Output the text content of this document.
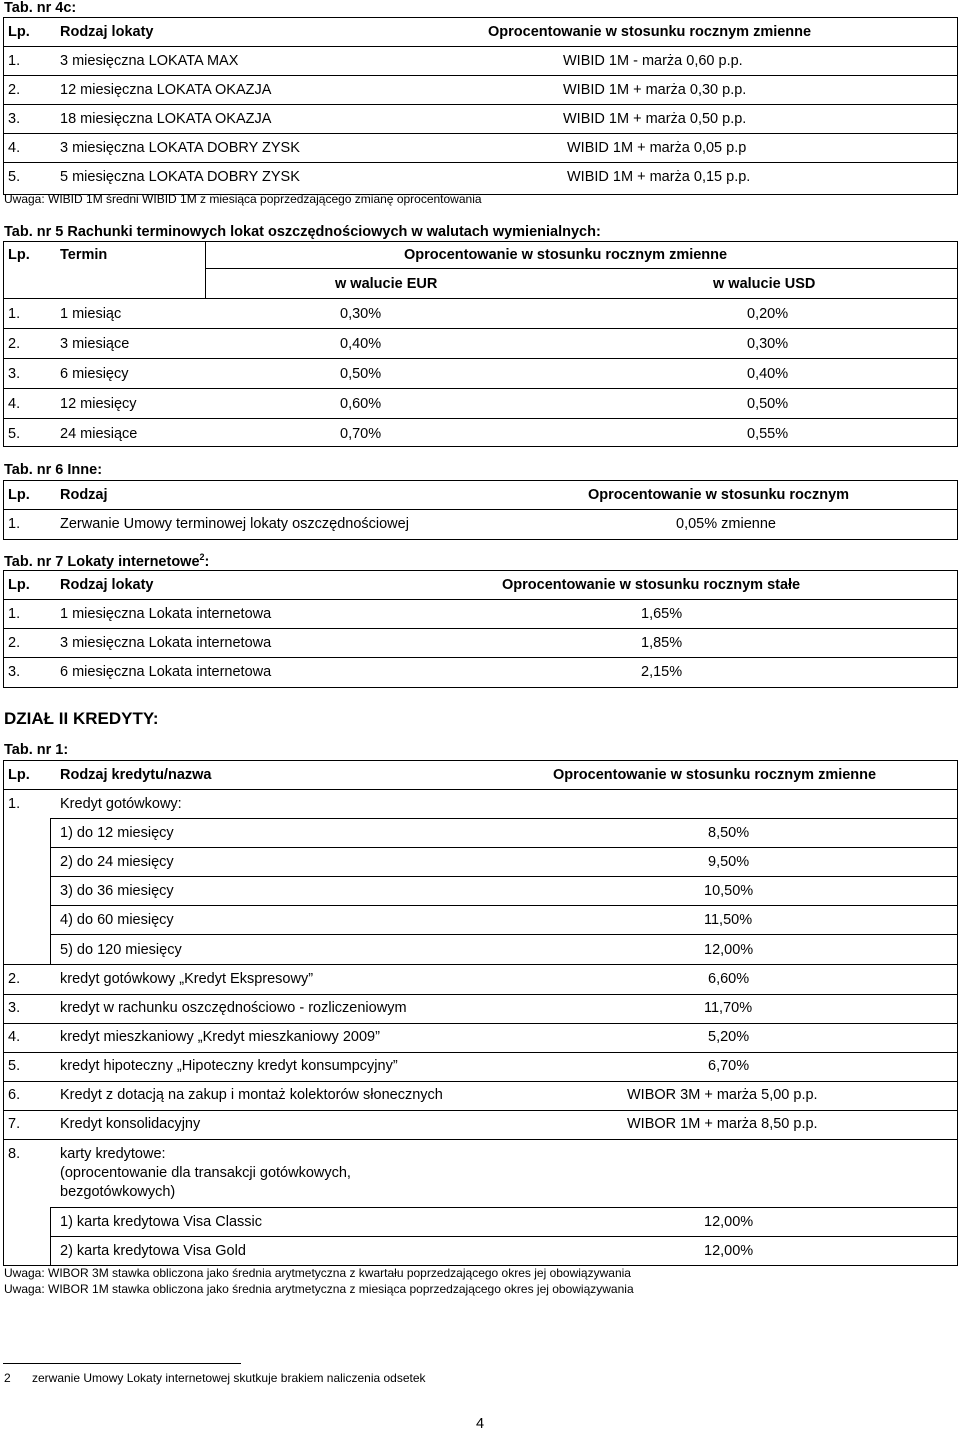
Tab. nr 4c:
Lp. Rodzaj lokaty	Oprocentowanie w stosunku rocznym zmienne
1.	3 miesięczna LOKATA MAX	WIBID 1M - marża 0,60 p.p.
2.	12 miesięczna LOKATA OKAZJA	WIBID 1M + marża 0,30 p.p.
3.	18 miesięczna LOKATA OKAZJA	WIBID 1M + marża 0,50 p.p.
4.	3 miesięczna LOKATA DOBRY ZYSK	WIBID 1M + marża 0,05 p.p
5.	5 miesięczna LOKATA DOBRY ZYSK	WIBID 1M + marża 0,15 p.p.
Uwaga: WIBID 1M średni WIBID 1M z miesiąca poprzedzającego zmianę oprocentowania
Tab. nr 5 Rachunki terminowych lokat oszczędnościowych w walutach wymienialnych:
Lp. Termin	Oprocentowanie w stosunku rocznym zmienne
w walucie EUR	w walucie USD
1.	1 miesiąc	0,30%	0,20%
2.	3 miesiące	0,40%	0,30%
3.	6 miesięcy	0,50%	0,40%
4.	12 miesięcy	0,60%	0,50%
5.	24 miesiące	0,70%	0,55%
Tab. nr 6 Inne:
Lp. Rodzaj	Oprocentowanie w stosunku rocznym
1.	Zerwanie Umowy terminowej lokaty oszczędnościowej	0,05% zmienne
Tab. nr 7 Lokaty internetowe$^2$:
Lp. Rodzaj lokaty	Oprocentowanie w stosunku rocznym stałe
1.	1 miesięczna Lokata internetowa	1,65%
2.	3 miesięczna Lokata internetowa	1,85%
3.	6 miesięczna Lokata internetowa	2,15%
DZIAŁ II KREDYTY:
Tab. nr 1:
Lp. Rodzaj kredytu/nazwa	Oprocentowanie w stosunku rocznym zmienne
1.	Kredyt gotówkowy:
1) do 12 miesięcy	8,50%
2) do 24 miesięcy	9,50%
3) do 36 miesięcy	10,50%
4) do 60 miesięcy	11,50%
5) do 120 miesięcy	12,00%
2.	kredyt gotówkowy „Kredyt Ekspresowy”	6,60%
3.	kredyt w rachunku oszczędnościowo - rozliczeniowym	11,70%
4.	kredyt mieszkaniowy „Kredyt mieszkaniowy 2009”	5,20%
5.	kredyt hipoteczny „Hipoteczny kredyt konsumpcyjny”	6,70%
6.	Kredyt z dotacją na zakup i montaż kolektorów słonecznych	WIBOR 3M + marża 5,00 p.p.
7.	Kredyt konsolidacyjny	WIBOR 1M + marża 8,50 p.p.
8.	karty kredytowe:
(oprocentowanie dla transakcji gotówkowych,
bezgotówkowych)
1) karta kredytowa Visa Classic	12,00%
2) karta kredytowa Visa Gold	12,00%
Uwaga: WIBOR 3M stawka obliczona jako średnia arytmetyczna z kwartału poprzedzającego okres jej obowiązywania
Uwaga: WIBOR 1M stawka obliczona jako średnia arytmetyczna z miesiąca poprzedzającego okres jej obowiązywania
2 zerwanie Umowy Lokaty internetowej skutkuje brakiem naliczenia odsetek
4
